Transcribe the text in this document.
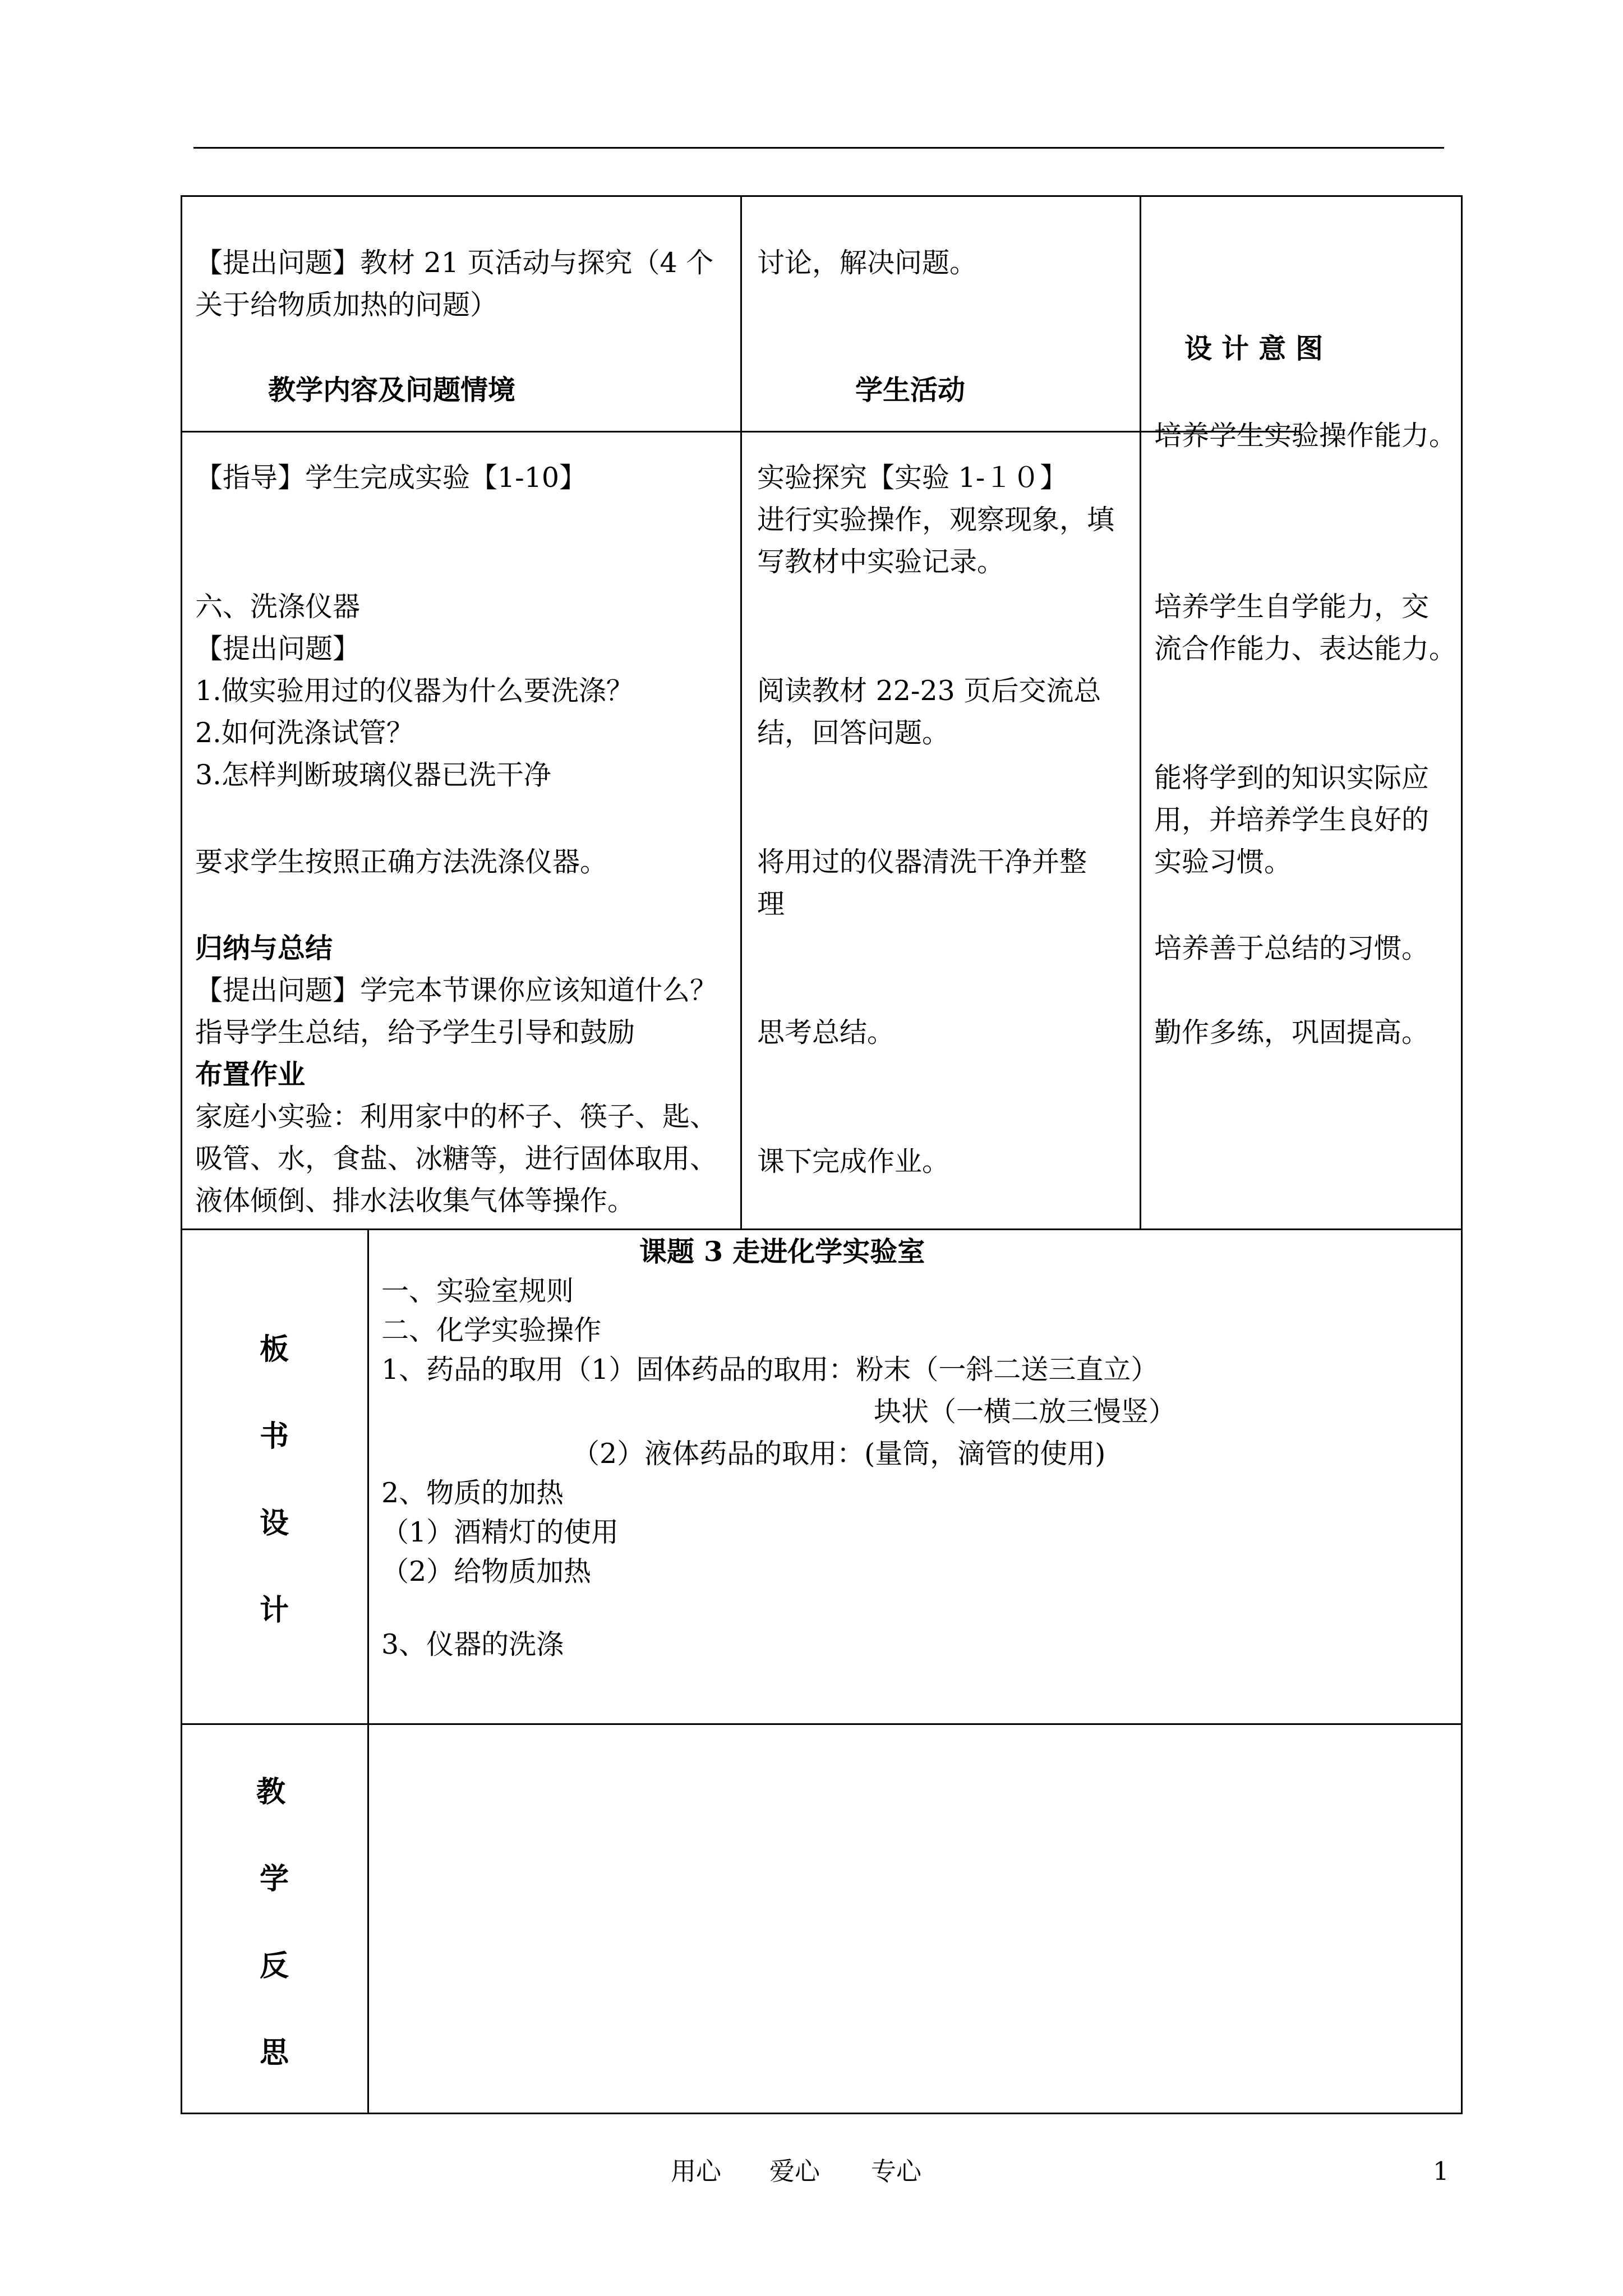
【提出问题】教材 21 页活动与探究（4 个
关于给物质加热的问题）
讨论，解决问题。
设 计 意 图
教学内容及问题情境	学生活动
【指导】学生完成实验【1-10】
六、洗涤仪器
【提出问题】
1.做实验用过的仪器为什么要洗涤？
2.如何洗涤试管？
3.怎样判断玻璃仪器已洗干净
要求学生按照正确方法洗涤仪器。
归纳与总结
【提出问题】学完本节课你应该知道什么？
指导学生总结，给予学生引导和鼓励
布置作业
家庭小实验：利用家中的杯子、筷子、匙、
吸管、水，食盐、冰糖等，进行固体取用、
液体倾倒、排水法收集气体等操作。
实验探究【实验 1-１０】
进行实验操作，观察现象，填
写教材中实验记录。
阅读教材 22-23 页后交流总
结，回答问题。
将用过的仪器清洗干净并整
理
思考总结。
课下完成作业。
培养学生实验操作能力。
培养学生自学能力，交
流合作能力、表达能力。
能将学到的知识实际应
用，并培养学生良好的
实验习惯。
培养善于总结的习惯。
勤作多练，巩固提高。
板
书
设
计
课题 3 走进化学实验室
一、实验室规则
二、化学实验操作
1、药品的取用（1）固体药品的取用：粉末（一斜二送三直立）
块状（一横二放三慢竖）
（2）液体药品的取用：(量筒，滴管的使用)
2、物质的加热
（1）酒精灯的使用
（2）给物质加热
3、仪器的洗涤
教
学
反
思
用心 爱心 专心	1
